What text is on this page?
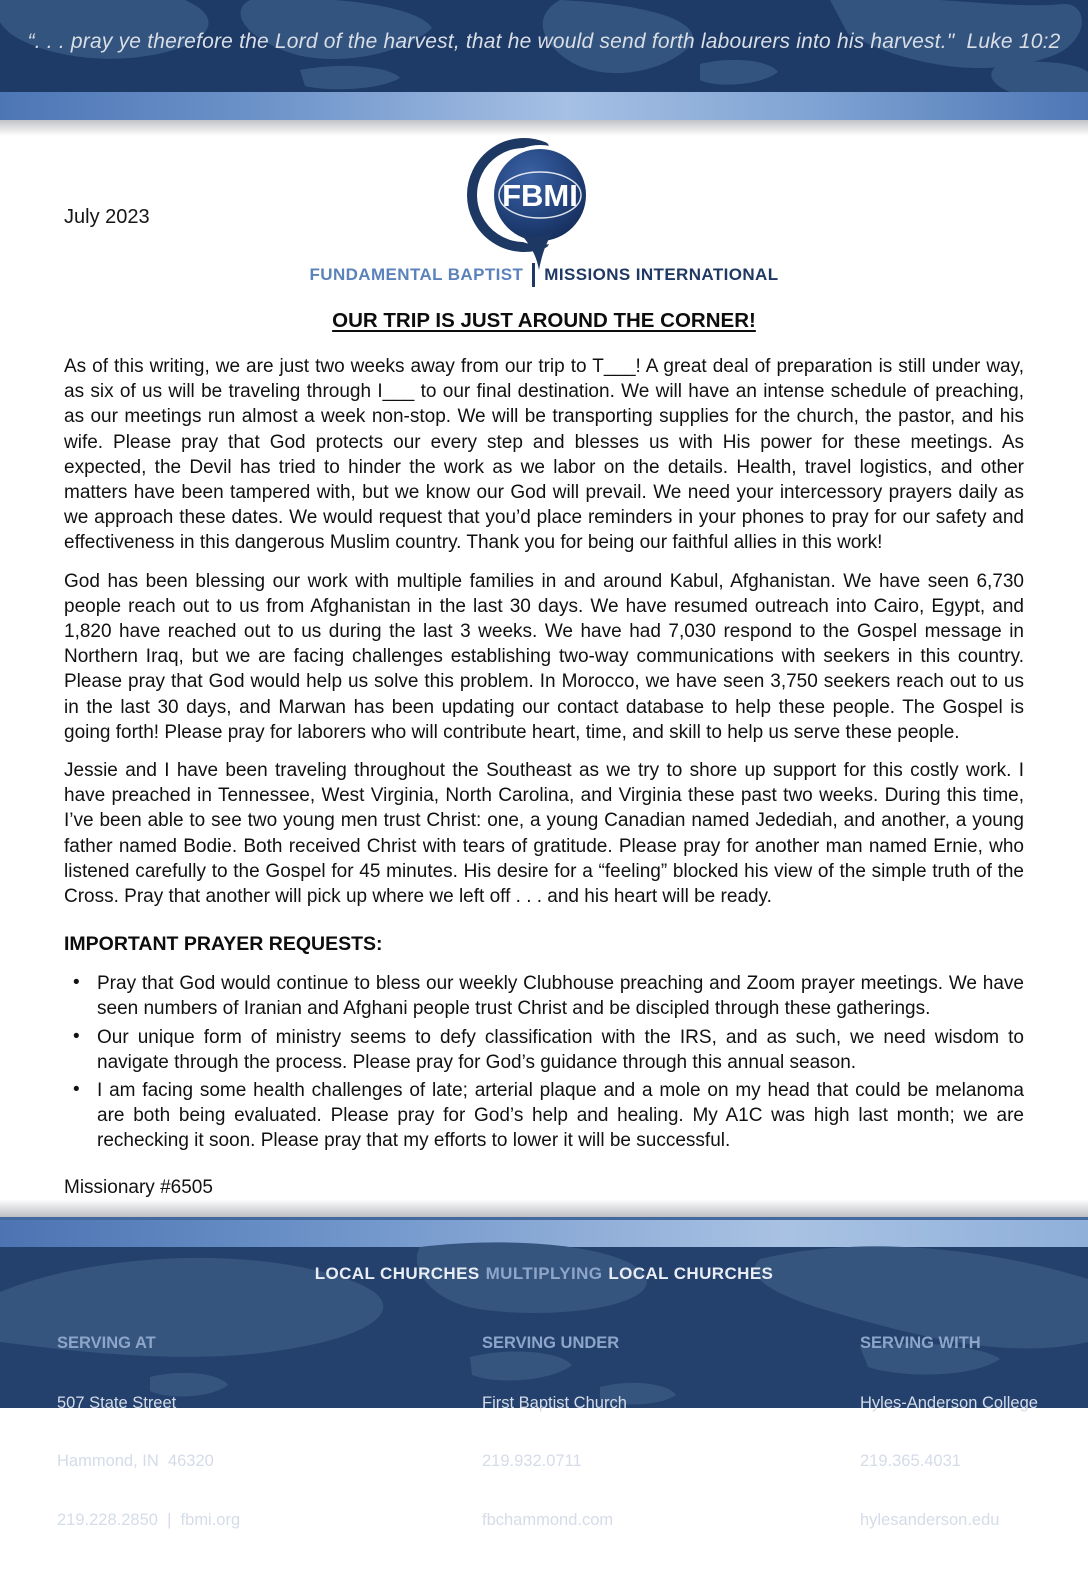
“. . . pray ye therefore the Lord of the harvest, that he would send forth labourers into his harvest."  Luke 10:2
July 2023
FBMI
FUNDAMENTAL BAPTIST MISSIONS INTERNATIONAL
OUR TRIP IS JUST AROUND THE CORNER!

As of this writing, we are just two weeks away from our trip to T___! A great deal of preparation is still under way, as six of us will be traveling through I___ to our final destination. We will have an intense schedule of preaching, as our meetings run almost a week non-stop. We will be transporting supplies for the church, the pastor, and his wife. Please pray that God protects our every step and blesses us with His power for these meetings. As expected, the Devil has tried to hinder the work as we labor on the details. Health, travel logistics, and other matters have been tampered with, but we know our God will prevail. We need your intercessory prayers daily as we approach these dates. We would request that you’d place reminders in your phones to pray for our safety and effectiveness in this dangerous Muslim country. Thank you for being our faithful allies in this work!

God has been blessing our work with multiple families in and around Kabul, Afghanistan. We have seen 6,730 people reach out to us from Afghanistan in the last 30 days. We have resumed outreach into Cairo, Egypt, and 1,820 have reached out to us during the last 3 weeks. We have had 7,030 respond to the Gospel message in Northern Iraq, but we are facing challenges establishing two-way communications with seekers in this country. Please pray that God would help us solve this problem. In Morocco, we have seen 3,750 seekers reach out to us in the last 30 days, and Marwan has been updating our contact database to help these people. The Gospel is going forth! Please pray for laborers who will contribute heart, time, and skill to help us serve these people.

Jessie and I have been traveling throughout the Southeast as we try to shore up support for this costly work. I have preached in Tennessee, West Virginia, North Carolina, and Virginia these past two weeks. During this time, I’ve been able to see two young men trust Christ: one, a young Canadian named Jedediah, and another, a young father named Bodie. Both received Christ with tears of gratitude. Please pray for another man named Ernie, who listened carefully to the Gospel for 45 minutes. His desire for a “feeling” blocked his view of the simple truth of the Cross. Pray that another will pick up where we left off . . . and his heart will be ready.

IMPORTANT PRAYER REQUESTS:
• Pray that God would continue to bless our weekly Clubhouse preaching and Zoom prayer meetings. We have seen numbers of Iranian and Afghani people trust Christ and be discipled through these gatherings.
• Our unique form of ministry seems to defy classification with the IRS, and as such, we need wisdom to navigate through the process. Please pray for God’s guidance through this annual season.
• I am facing some health challenges of late; arterial plaque and a mole on my head that could be melanoma are both being evaluated. Please pray for God’s help and healing. My A1C was high last month; we are rechecking it soon. Please pray that my efforts to lower it will be successful.
Missionary #6505
LOCAL CHURCHES MULTIPLYING LOCAL CHURCHES

SERVING AT

507 State Street

Hammond, IN  46320

219.228.2850  |  fbmi.org

SERVING UNDER

First Baptist Church

219.932.0711

fbchammond.com

SERVING WITH

Hyles-Anderson College

219.365.4031

hylesanderson.edu
